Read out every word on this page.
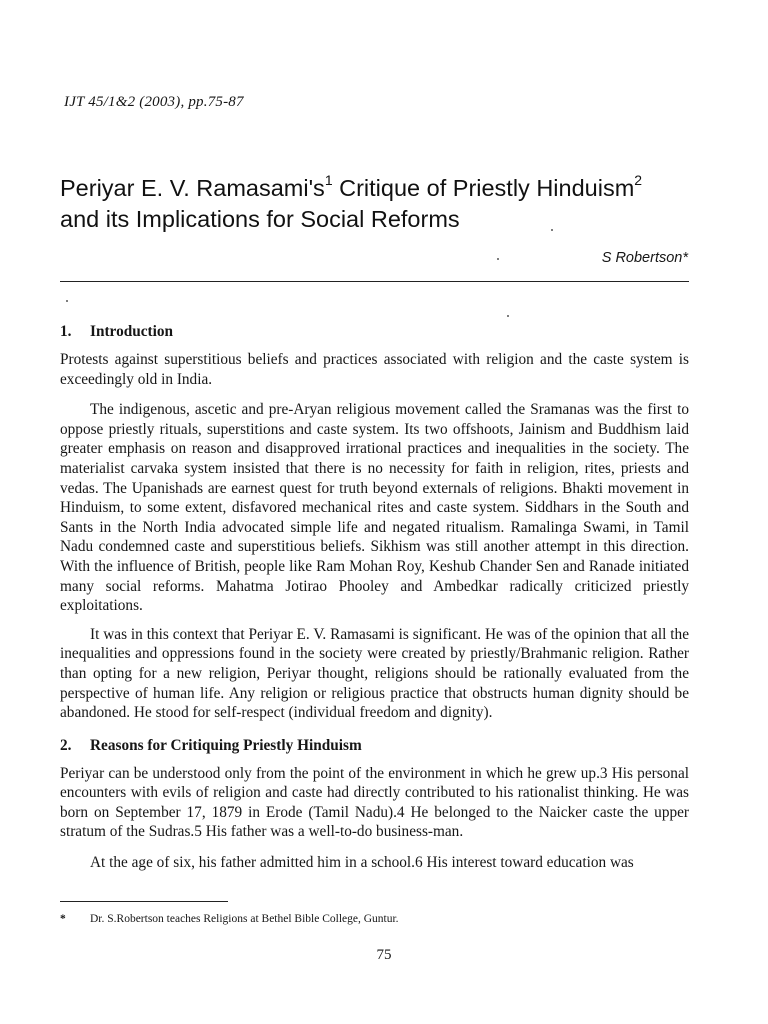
IJT 45/1&2 (2003), pp.75-87
Periyar E. V. $Ramasami's^1$ Critique of Priestly Hinduism$^2$
and its Implications for Social Reforms
S Robertson*
1.	Introduction

Protests against superstitious beliefs and practices associated with religion and the caste system is exceedingly old in India.

The indigenous, ascetic and pre-Aryan religious movement called the Sramanas was the first to oppose priestly rituals, superstitions and caste system. Its two offshoots, Jainism and Buddhism laid greater emphasis on reason and disapproved irrational practices and inequalities in the society. The materialist carvaka system insisted that there is no necessity for faith in religion, rites, priests and vedas. The Upanishads are earnest quest for truth beyond externals of religions. Bhakti movement in Hinduism, to some extent, disfavored mechanical rites and caste system. Siddhars in the South and Sants in the North India advocated simple life and negated ritualism. Ramalinga Swami, in Tamil Nadu condemned caste and superstitious beliefs. Sikhism was still another attempt in this direction. With the influence of British, people like Ram Mohan Roy, Keshub Chander Sen and Ranade initiated many social reforms. Mahatma Jotirao Phooley and Ambedkar radically criticized priestly exploitations.

It was in this context that Periyar E. V. Ramasami is significant. He was of the opinion that all the inequalities and oppressions found in the society were created by priestly/Brahmanic religion. Rather than opting for a new religion, Periyar thought, religions should be rationally evaluated from the perspective of human life. Any religion or religious practice that obstructs human dignity should be abandoned. He stood for self-respect (individual freedom and dignity).

2.	Reasons for Critiquing Priestly Hinduism

Periyar can be understood only from the point of the environment in which he grew up.3 His personal encounters with evils of religion and caste had directly contributed to his rationalist thinking. He was born on September 17, 1879 in Erode (Tamil Nadu).4 He belonged to the Naicker caste the upper stratum of the Sudras.5 His father was a well-to-do business-man.

At the age of six, his father admitted him in a school.6 His interest toward education was

*	Dr. S.Robertson teaches Religions at Bethel Bible College, Guntur.
75
